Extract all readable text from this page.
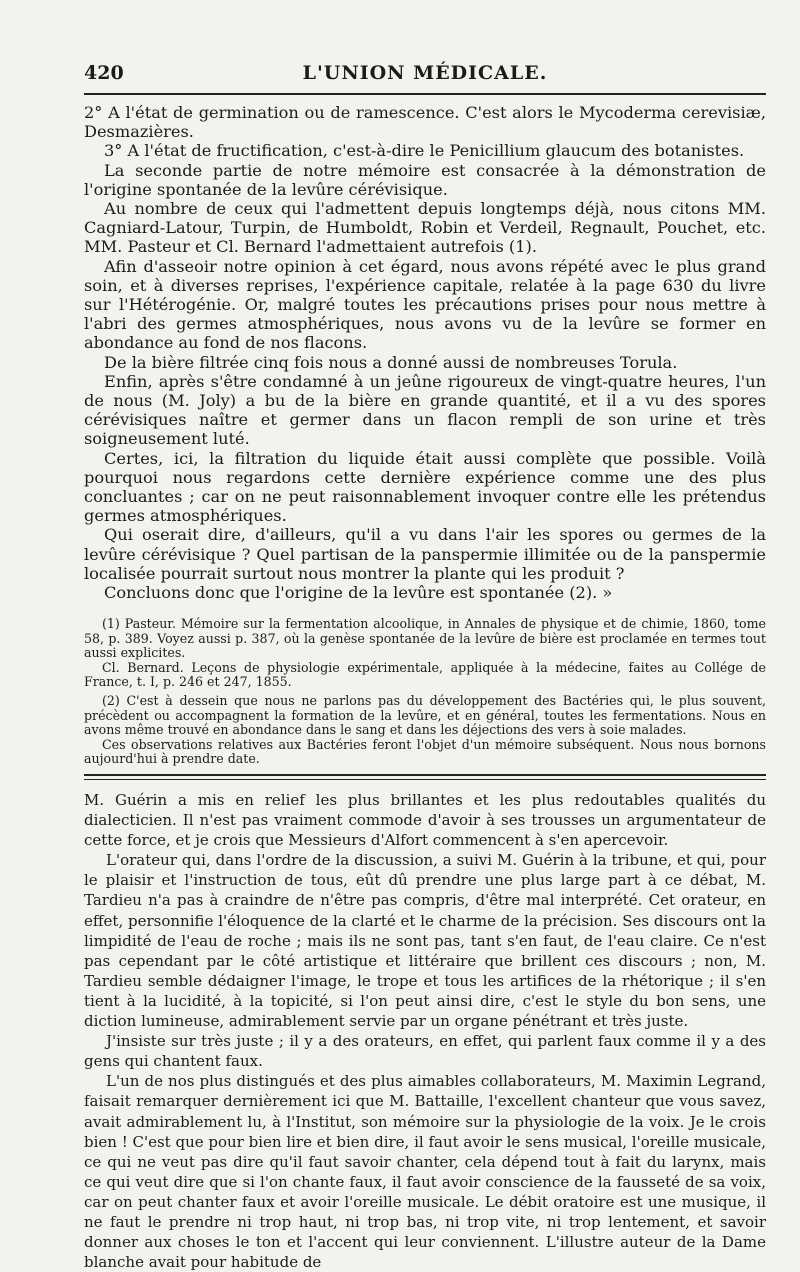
420	L'UNION MÉDICALE.

2° A l'état de germination ou de ramescence. C'est alors le Mycoderma cerevisiæ, Desmazières.

3° A l'état de fructification, c'est-à-dire le Penicillium glaucum des botanistes.

La seconde partie de notre mémoire est consacrée à la démonstration de l'origine spontanée de la levûre cérévisique.

Au nombre de ceux qui l'admettent depuis longtemps déjà, nous citons MM. Cagniard-Latour, Turpin, de Humboldt, Robin et Verdeil, Regnault, Pouchet, etc. MM. Pasteur et Cl. Bernard l'admettaient autrefois (1).

Afin d'asseoir notre opinion à cet égard, nous avons répété avec le plus grand soin, et à diverses reprises, l'expérience capitale, relatée à la page 630 du livre sur l'Hétérogénie. Or, malgré toutes les précautions prises pour nous mettre à l'abri des germes atmosphériques, nous avons vu de la levûre se former en abondance au fond de nos flacons.

De la bière filtrée cinq fois nous a donné aussi de nombreuses Torula.

Enfin, après s'être condamné à un jeûne rigoureux de vingt-quatre heures, l'un de nous (M. Joly) a bu de la bière en grande quantité, et il a vu des spores cérévisiques naître et germer dans un flacon rempli de son urine et très soigneusement luté.

Certes, ici, la filtration du liquide était aussi complète que possible. Voilà pourquoi nous regardons cette dernière expérience comme une des plus concluantes ; car on ne peut raisonnablement invoquer contre elle les prétendus germes atmosphériques.

Qui oserait dire, d'ailleurs, qu'il a vu dans l'air les spores ou germes de la levûre cérévisique ? Quel partisan de la panspermie illimitée ou de la panspermie localisée pourrait surtout nous montrer la plante qui les produit ?

Concluons donc que l'origine de la levûre est spontanée (2). »

(1) Pasteur. Mémoire sur la fermentation alcoolique, in Annales de physique et de chimie, 1860, tome 58, p. 389. Voyez aussi p. 387, où la genèse spontanée de la levûre de bière est proclamée en termes tout aussi explicites.

Cl. Bernard. Leçons de physiologie expérimentale, appliquée à la médecine, faites au Collége de France, t. I, p. 246 et 247, 1855.

(2) C'est à dessein que nous ne parlons pas du développement des Bactéries qui, le plus souvent, précèdent ou accompagnent la formation de la levûre, et en général, toutes les fermentations. Nous en avons même trouvé en abondance dans le sang et dans les déjections des vers à soie malades.

Ces observations relatives aux Bactéries feront l'objet d'un mémoire subséquent. Nous nous bornons aujourd'hui à prendre date.

M. Guérin a mis en relief les plus brillantes et les plus redoutables qualités du dialecticien. Il n'est pas vraiment commode d'avoir à ses trousses un argumentateur de cette force, et je crois que Messieurs d'Alfort commencent à s'en apercevoir.

L'orateur qui, dans l'ordre de la discussion, a suivi M. Guérin à la tribune, et qui, pour le plaisir et l'instruction de tous, eût dû prendre une plus large part à ce débat, M. Tardieu n'a pas à craindre de n'être pas compris, d'être mal interprété. Cet orateur, en effet, personnifie l'éloquence de la clarté et le charme de la précision. Ses discours ont la limpidité de l'eau de roche ; mais ils ne sont pas, tant s'en faut, de l'eau claire. Ce n'est pas cependant par le côté artistique et littéraire que brillent ces discours ; non, M. Tardieu semble dédaigner l'image, le trope et tous les artifices de la rhétorique ; il s'en tient à la lucidité, à la topicité, si l'on peut ainsi dire, c'est le style du bon sens, une diction lumineuse, admirablement servie par un organe pénétrant et très juste.

J'insiste sur très juste ; il y a des orateurs, en effet, qui parlent faux comme il y a des gens qui chantent faux.

L'un de nos plus distingués et des plus aimables collaborateurs, M. Maximin Legrand, faisait remarquer dernièrement ici que M. Battaille, l'excellent chanteur que vous savez, avait admirablement lu, à l'Institut, son mémoire sur la physiologie de la voix. Je le crois bien ! C'est que pour bien lire et bien dire, il faut avoir le sens musical, l'oreille musicale, ce qui ne veut pas dire qu'il faut savoir chanter, cela dépend tout à fait du larynx, mais ce qui veut dire que si l'on chante faux, il faut avoir conscience de la fausseté de sa voix, car on peut chanter faux et avoir l'oreille musicale. Le débit oratoire est une musique, il ne faut le prendre ni trop haut, ni trop bas, ni trop vite, ni trop lentement, et savoir donner aux choses le ton et l'accent qui leur conviennent. L'illustre auteur de la Dame blanche avait pour habitude de
